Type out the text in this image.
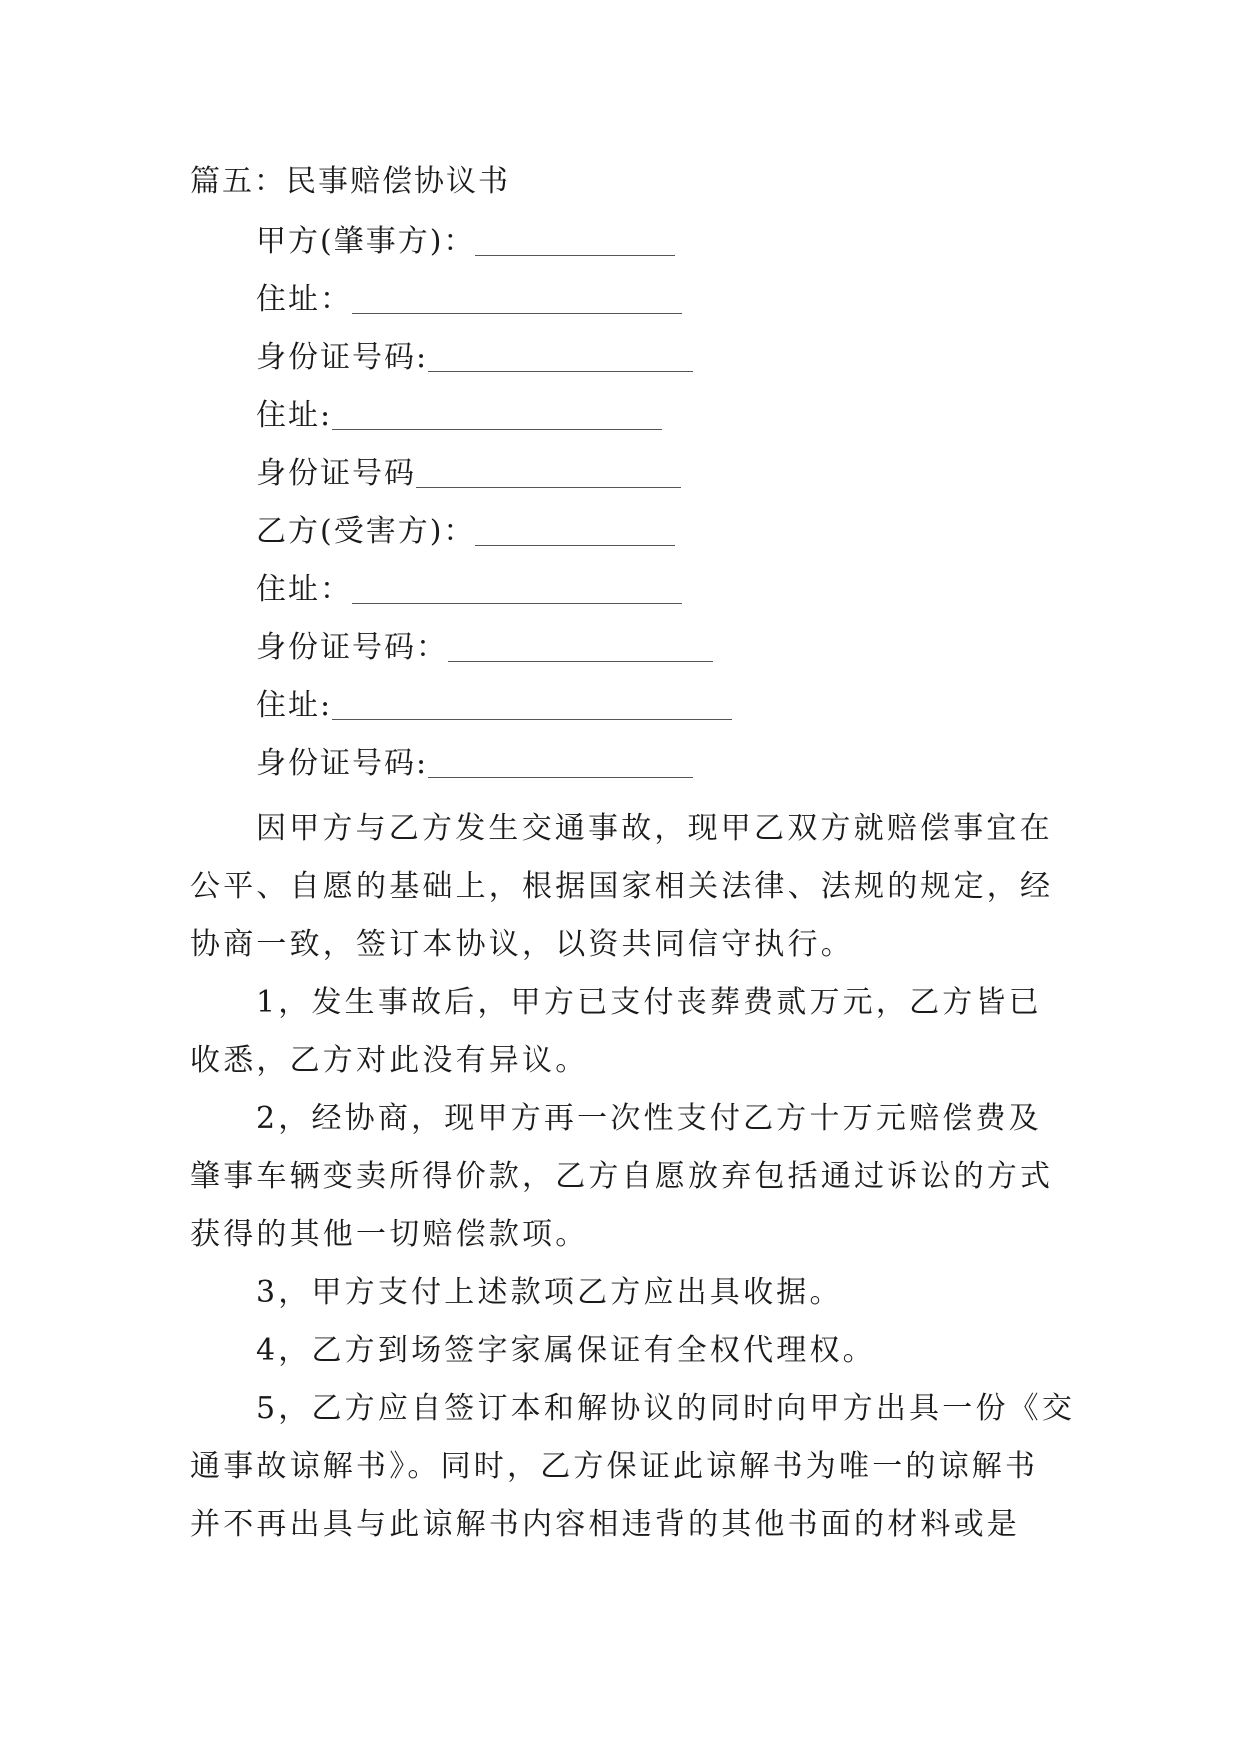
篇五：民事赔偿协议书
甲方(肇事方)：
住址：
身份证号码:
住址:
身份证号码
乙方(受害方)：
住址：
身份证号码：
住址:
身份证号码:
因甲方与乙方发生交通事故，现甲乙双方就赔偿事宜在
公平、自愿的基础上，根据国家相关法律、法规的规定，经
协商一致，签订本协议，以资共同信守执行。
1，发生事故后，甲方已支付丧葬费贰万元，乙方皆已
收悉，乙方对此没有异议。
2，经协商，现甲方再一次性支付乙方十万元赔偿费及
肇事车辆变卖所得价款，乙方自愿放弃包括通过诉讼的方式
获得的其他一切赔偿款项。
3，甲方支付上述款项乙方应出具收据。
4，乙方到场签字家属保证有全权代理权。
5，乙方应自签订本和解协议的同时向甲方出具一份《交
通事故谅解书》。同时，乙方保证此谅解书为唯一的谅解书
并不再出具与此谅解书内容相违背的其他书面的材料或是
